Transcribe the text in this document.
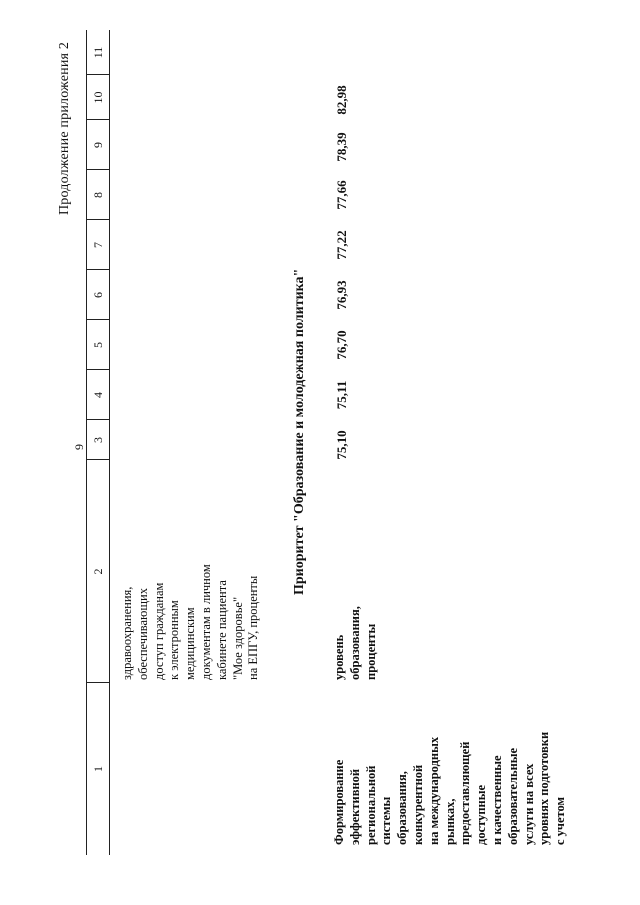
9
Продолжение приложения 2
1
2
3
4
5
6
7
8
9
10
11
здравоохранения,
обеспечивающих
доступ гражданам
к электронным
медицинским
документам в личном
кабинете пациента
"Мое здоровье"
на ЕПГУ, проценты
Приоритет "Образование и молодежная политика"
Формирование
эффективной
региональной
системы
образования,
конкурентной
на международных
рынках,
предоставляющей
доступные
и качественные
образовательные
услуги на всех
уровнях подготовки
с учетом
уровень
образования,
проценты
75,10
75,11
76,70
76,93
77,22
77,66
78,39
82,98
